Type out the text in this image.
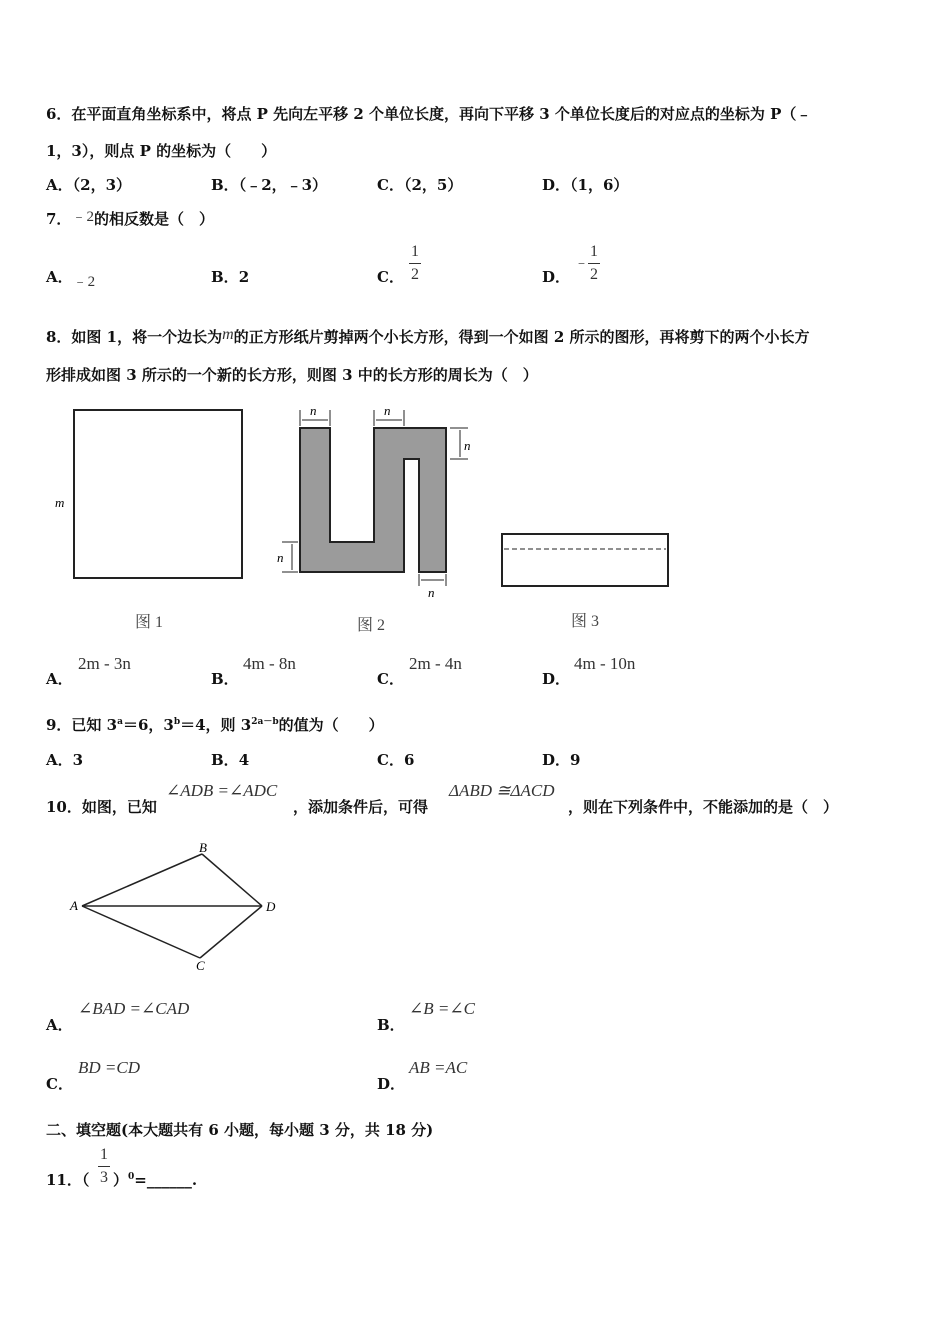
6．在平面直角坐标系中，将点 P 先向左平移 2 个单位长度，再向下平移 3 个单位长度后的对应点的坐标为 P（﹣
1，3），则点 P 的坐标为（　　）
A．（2，3）	B．（﹣2，﹣3）	C．（2，5）	D．（1，6）
7．﹣2的相反数是（　）
A．﹣2	B．2	C．
1
2	D．
﹣
1
2
8．如图 1，将一个边长为m的正方形纸片剪掉两个小长方形，得到一个如图 2 所示的图形，再将剪下的两个小长方
形排成如图 3 所示的一个新的长方形，则图 3 中的长方形的周长为（　）
m
n	n
n
n
n
图 1	图 2	图 3
A．
2m - 3n
B．
4m - 8n
C．
2m - 4n
D．
4m - 10n
9．已知 $3^a=6$，$3^b=4$，则 $3^{2a-b}$的值为（　　）
A．3	B．4	C．6	D．9
10．如图，已知
∠ADB =∠ADC
，添加条件后，可得
ΔABD ≅ΔACD
，则在下列条件中，不能添加的是（　）
A
B
D
C
A．
∠BAD =∠CAD
B．
∠B =∠C
C．
BD =CD
D．
AB =AC
二、填空题(本大题共有 6 小题，每小题 3 分，共 18 分)
11．（
1
3 ）$^0$=______.
